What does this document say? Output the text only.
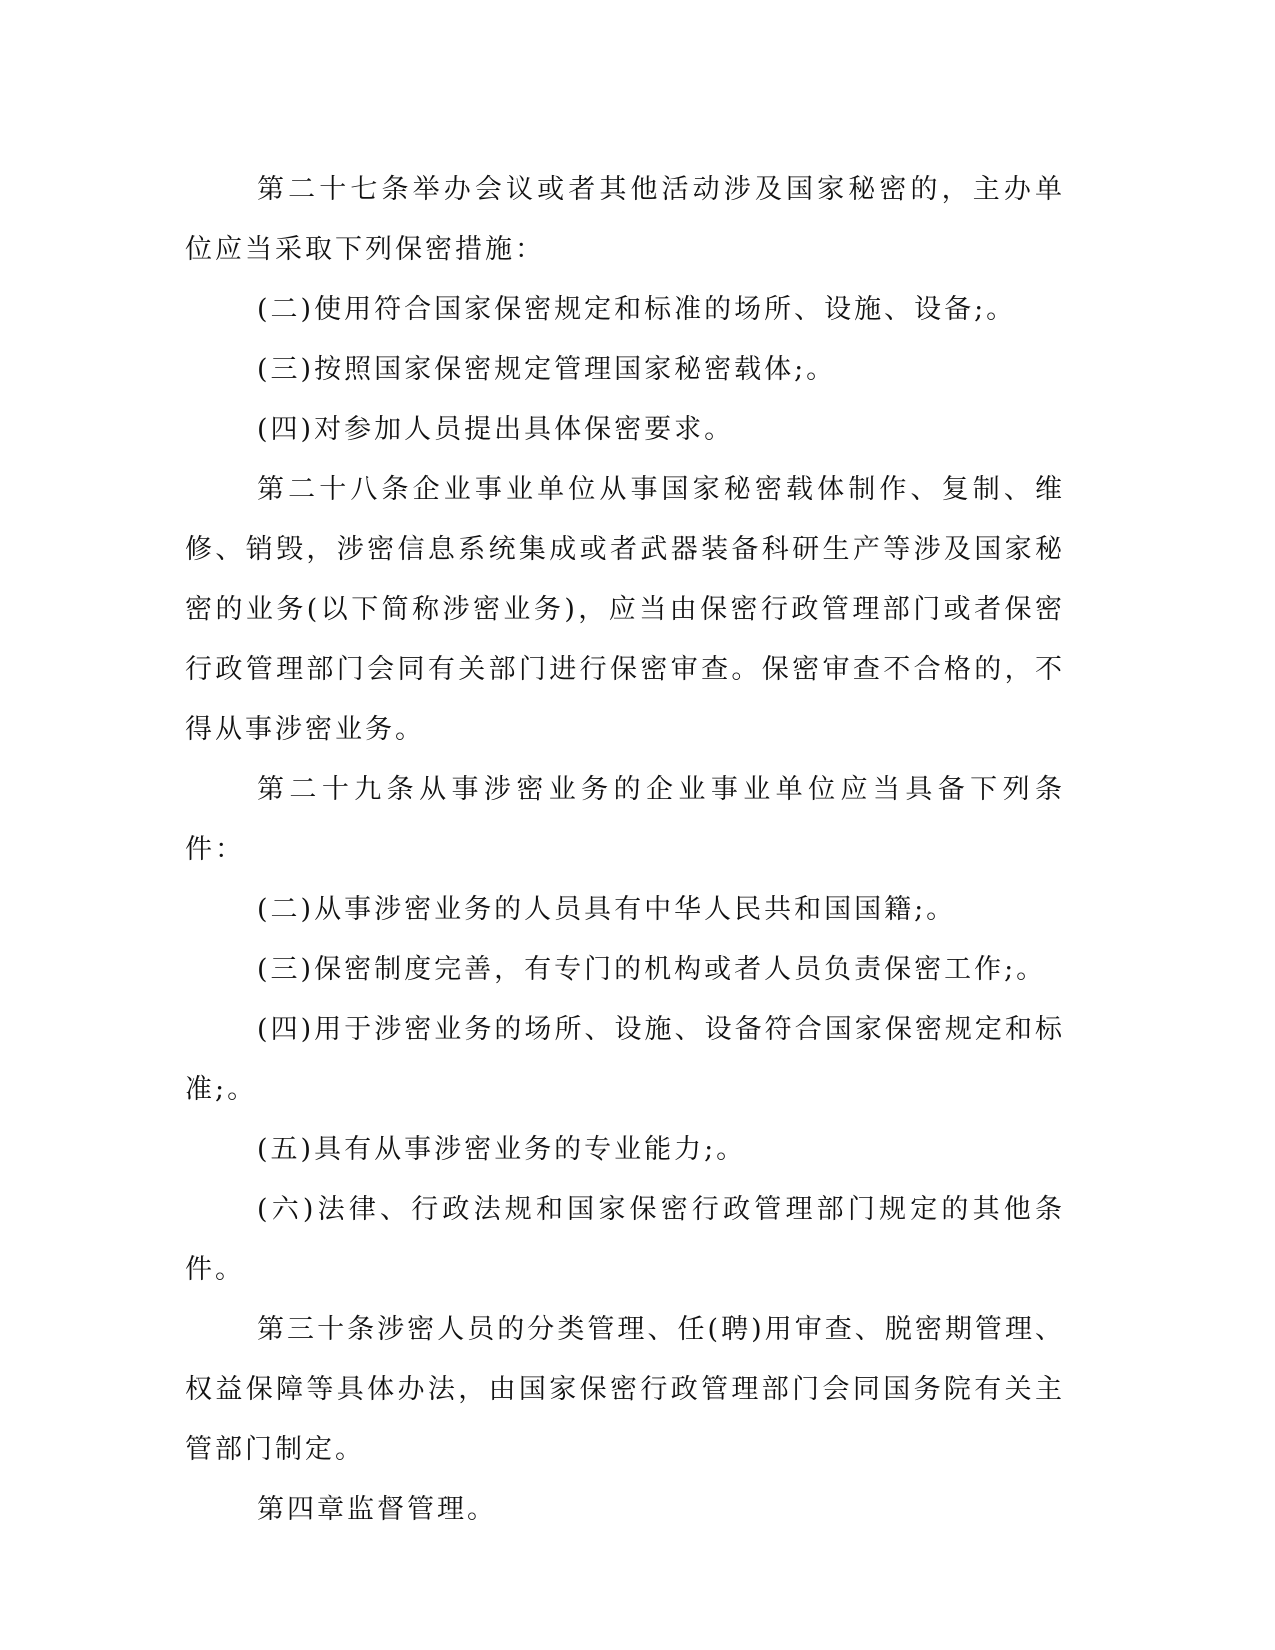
第二十七条举办会议或者其他活动涉及国家秘密的，主办单位应当采取下列保密措施：

(二)使用符合国家保密规定和标准的场所、设施、设备;。

(三)按照国家保密规定管理国家秘密载体;。

(四)对参加人员提出具体保密要求。

第二十八条企业事业单位从事国家秘密载体制作、复制、维修、销毁，涉密信息系统集成或者武器装备科研生产等涉及国家秘密的业务(以下简称涉密业务)，应当由保密行政管理部门或者保密行政管理部门会同有关部门进行保密审查。保密审查不合格的，不得从事涉密业务。

第二十九条从事涉密业务的企业事业单位应当具备下列条件：

(二)从事涉密业务的人员具有中华人民共和国国籍;。

(三)保密制度完善，有专门的机构或者人员负责保密工作;。

(四)用于涉密业务的场所、设施、设备符合国家保密规定和标准;。

(五)具有从事涉密业务的专业能力;。

(六)法律、行政法规和国家保密行政管理部门规定的其他条件。

第三十条涉密人员的分类管理、任(聘)用审查、脱密期管理、权益保障等具体办法，由国家保密行政管理部门会同国务院有关主管部门制定。

第四章监督管理。
